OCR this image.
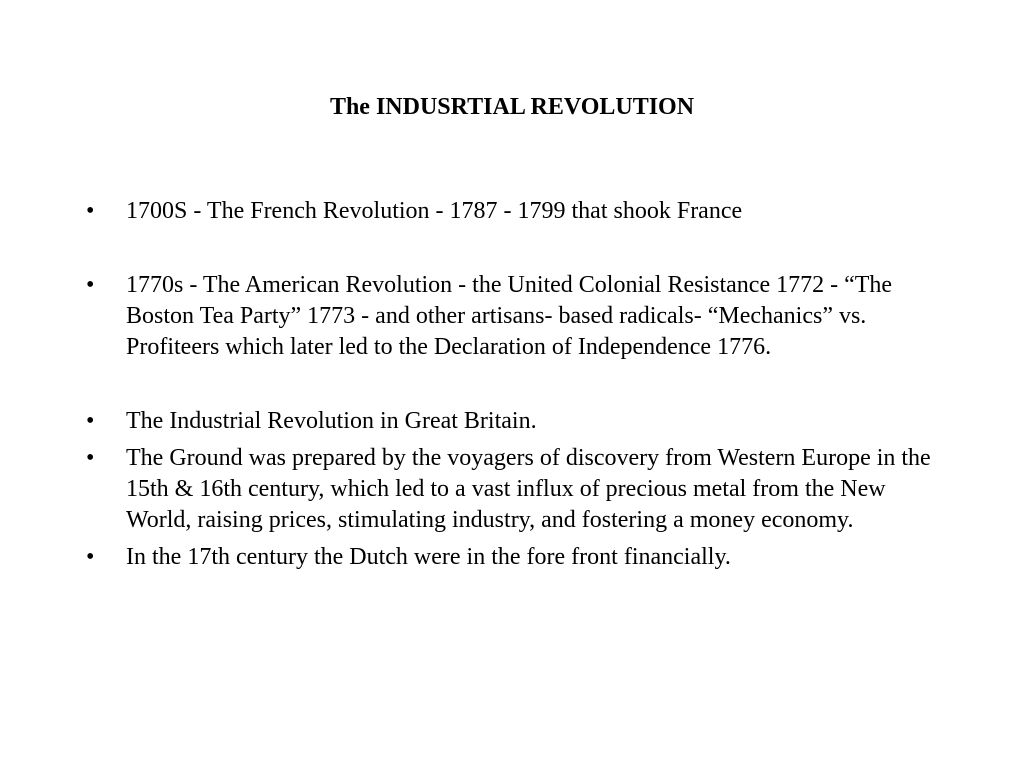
The INDUSRTIAL REVOLUTION
•	1700S - The French Revolution - 1787 - 1799 that shook France
•	1770s - The American Revolution - the United Colonial Resistance 1772 - “The Boston Tea Party” 1773 - and other artisans- based radicals- “Mechanics” vs. Profiteers which later led to the Declaration of Independence 1776.
•	The Industrial Revolution in Great Britain.
•	The Ground was prepared by the voyagers of discovery from Western Europe in the 15th & 16th century, which led to a vast influx of precious metal from the New World, raising prices, stimulating industry, and fostering a money economy.
•	In the 17th century the Dutch were in the fore front financially.
